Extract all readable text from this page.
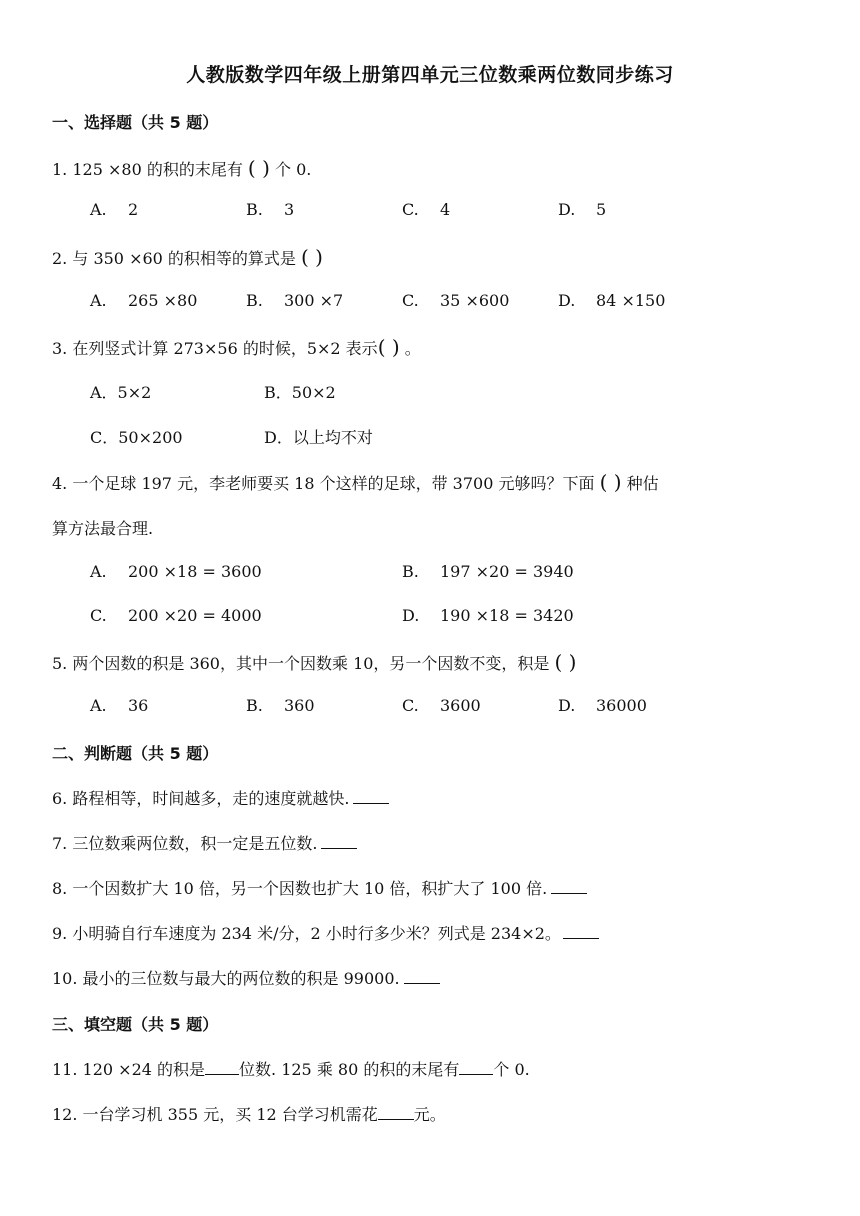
人教版数学四年级上册第四单元三位数乘两位数同步练习
一、选择题（共 5 题）
1. 125 ×80 的积的末尾有 ( ) 个 0.
A. 2	B. 3	C. 4	D. 5
2. 与 350 ×60 的积相等的算式是 ( )
A. 265 ×80	B. 300 ×7	C. 35 ×600	D. 84 ×150
3. 在列竖式计算 273×56 的时候，5×2 表示( ) 。
A．5×2	B．50×2
C．50×200	D．以上均不对
4. 一个足球 197 元，李老师要买 18 个这样的足球，带 3700 元够吗？下面 ( ) 种估
算方法最合理.
A. 200 ×18 = 3600	B. 197 ×20 = 3940
C. 200 ×20 = 4000	D. 190 ×18 = 3420
5. 两个因数的积是 360，其中一个因数乘 10，另一个因数不变，积是 ( )
A. 36	B. 360	C. 3600	D. 36000
二、判断题（共 5 题）
6. 路程相等，时间越多，走的速度就越快.
7. 三位数乘两位数，积一定是五位数.
8. 一个因数扩大 10 倍，另一个因数也扩大 10 倍，积扩大了 100 倍.
9. 小明骑自行车速度为 234 米/分，2 小时行多少米？列式是 234×2。
10. 最小的三位数与最大的两位数的积是 99000.
三、填空题（共 5 题）
11. 120 ×24 的积是 位数. 125 乘 80 的积的末尾有 个 0.
12. 一台学习机 355 元，买 12 台学习机需花 元。
